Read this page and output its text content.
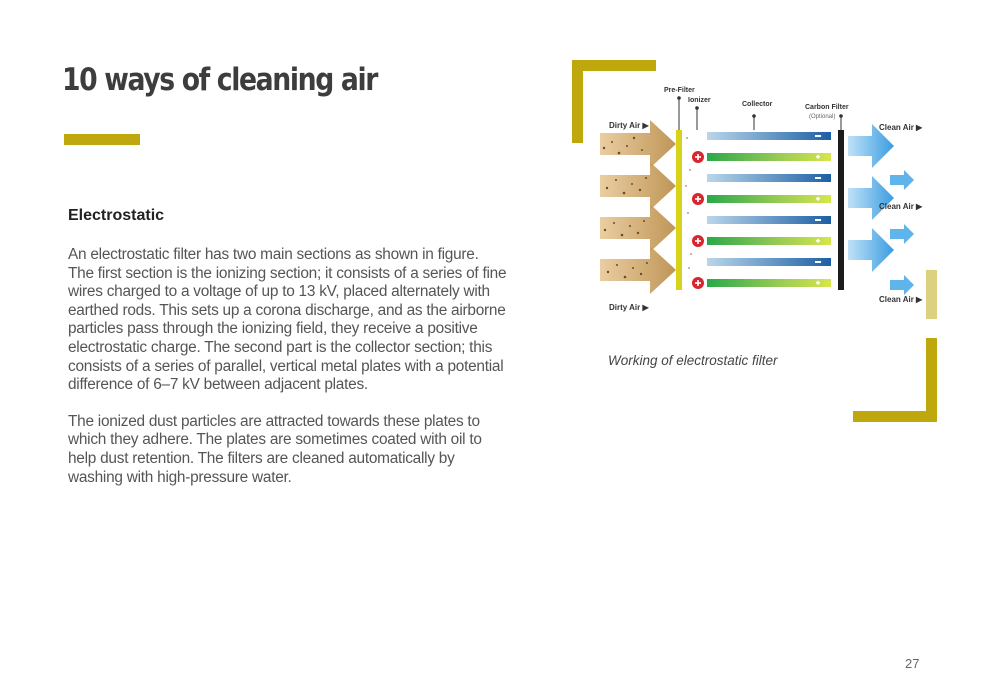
10 ways of cleaning air
Electrostatic

An electrostatic filter has two main sections as shown in figure. The first section is the ionizing section; it consists of a series of fine wires charged to a voltage of up to 13 kV, placed alternately with earthed rods. This sets up a corona discharge, and as the airborne particles pass through the ionizing field, they receive a positive electrostatic charge. The second part is the collector section; this consists of a series of parallel, vertical metal plates with a potential difference of 6–7 kV between adjacent plates.

The ionized dust particles are attracted towards these plates to which they adhere. The plates are sometimes coated with oil to help dust retention. The filters are cleaned automatically by washing with high-pressure water.

Pre-Filter
Ionizer
Collector	Carbon Filter
Dirty Air ▶
Dirty Air ▶
Clean Air ▶
Clean Air ▶
Clean Air ▶
(Optional)
Working of electrostatic filter
27
